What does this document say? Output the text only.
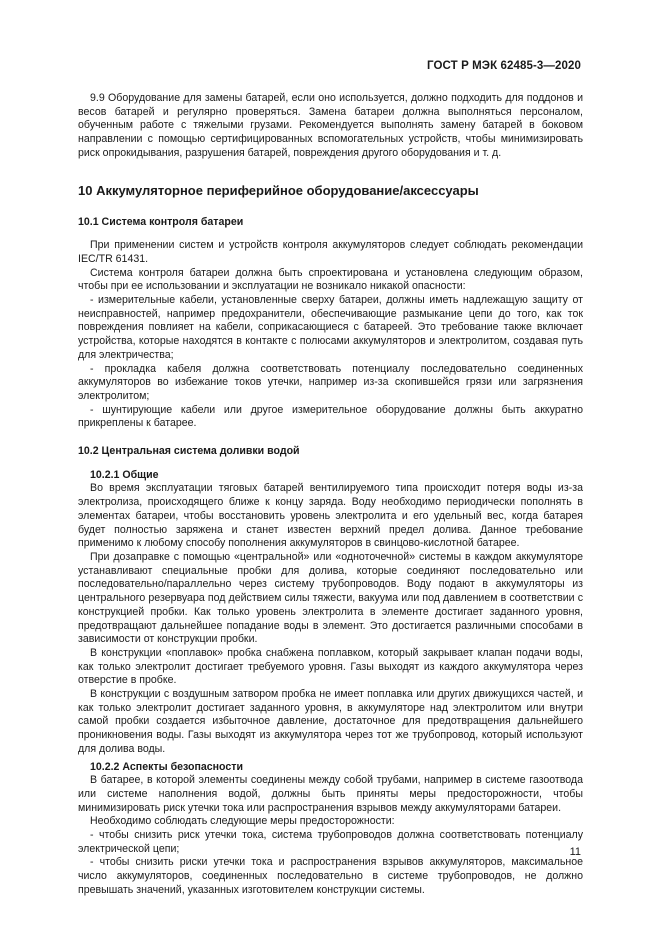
ГОСТ Р МЭК 62485-3—2020

9.9 Оборудование для замены батарей, если оно используется, должно подходить для поддонов и весов батарей и регулярно проверяться. Замена батареи должна выполняться персоналом, обученным работе с тяжелыми грузами. Рекомендуется выполнять замену батарей в боковом направлении с помощью сертифицированных вспомогательных устройств, чтобы минимизировать риск опрокидывания, разрушения батарей, повреждения другого оборудования и т. д.

10 Аккумуляторное периферийное оборудование/аксессуары
10.1 Система контроля батареи

При применении систем и устройств контроля аккумуляторов следует соблюдать рекомендации IEC/TR 61431.

Система контроля батареи должна быть спроектирована и установлена следующим образом, чтобы при ее использовании и эксплуатации не возникало никакой опасности:

- измерительные кабели, установленные сверху батареи, должны иметь надлежащую защиту от неисправностей, например предохранители, обеспечивающие размыкание цепи до того, как ток повреждения повлияет на кабели, соприкасающиеся с батареей. Это требование также включает устройства, которые находятся в контакте с полюсами аккумуляторов и электролитом, создавая путь для электричества;

- прокладка кабеля должна соответствовать потенциалу последовательно соединенных аккумуляторов во избежание токов утечки, например из-за скопившейся грязи или загрязнения электролитом;

- шунтирующие кабели или другое измерительное оборудование должны быть аккуратно прикреплены к батарее.

10.2 Центральная система доливки водой
10.2.1 Общие

Во время эксплуатации тяговых батарей вентилируемого типа происходит потеря воды из-за электролиза, происходящего ближе к концу заряда. Воду необходимо периодически пополнять в элементах батареи, чтобы восстановить уровень электролита и его удельный вес, когда батарея будет полностью заряжена и станет известен верхний предел долива. Данное требование применимо к любому способу пополнения аккумуляторов в свинцово-кислотной батарее.

При дозаправке с помощью «центральной» или «одноточечной» системы в каждом аккумуляторе устанавливают специальные пробки для долива, которые соединяют последовательно или последовательно/параллельно через систему трубопроводов. Воду подают в аккумуляторы из центрального резервуара под действием силы тяжести, вакуума или под давлением в соответствии с конструкцией пробки. Как только уровень электролита в элементе достигает заданного уровня, предотвращают дальнейшее попадание воды в элемент. Это достигается различными способами в зависимости от конструкции пробки.

В конструкции «поплавок» пробка снабжена поплавком, который закрывает клапан подачи воды, как только электролит достигает требуемого уровня. Газы выходят из каждого аккумулятора через отверстие в пробке.

В конструкции с воздушным затвором пробка не имеет поплавка или других движущихся частей, и как только электролит достигает заданного уровня, в аккумуляторе над электролитом или внутри самой пробки создается избыточное давление, достаточное для предотвращения дальнейшего проникновения воды. Газы выходят из аккумулятора через тот же трубопровод, который используют для долива воды.

10.2.2 Аспекты безопасности

В батарее, в которой элементы соединены между собой трубами, например в системе газоотвода или системе наполнения водой, должны быть приняты меры предосторожности, чтобы минимизировать риск утечки тока или распространения взрывов между аккумуляторами батареи.

Необходимо соблюдать следующие меры предосторожности:

- чтобы снизить риск утечки тока, система трубопроводов должна соответствовать потенциалу электрической цепи;

- чтобы снизить риски утечки тока и распространения взрывов аккумуляторов, максимальное число аккумуляторов, соединенных последовательно в системе трубопроводов, не должно превышать значений, указанных изготовителем конструкции системы.

11
